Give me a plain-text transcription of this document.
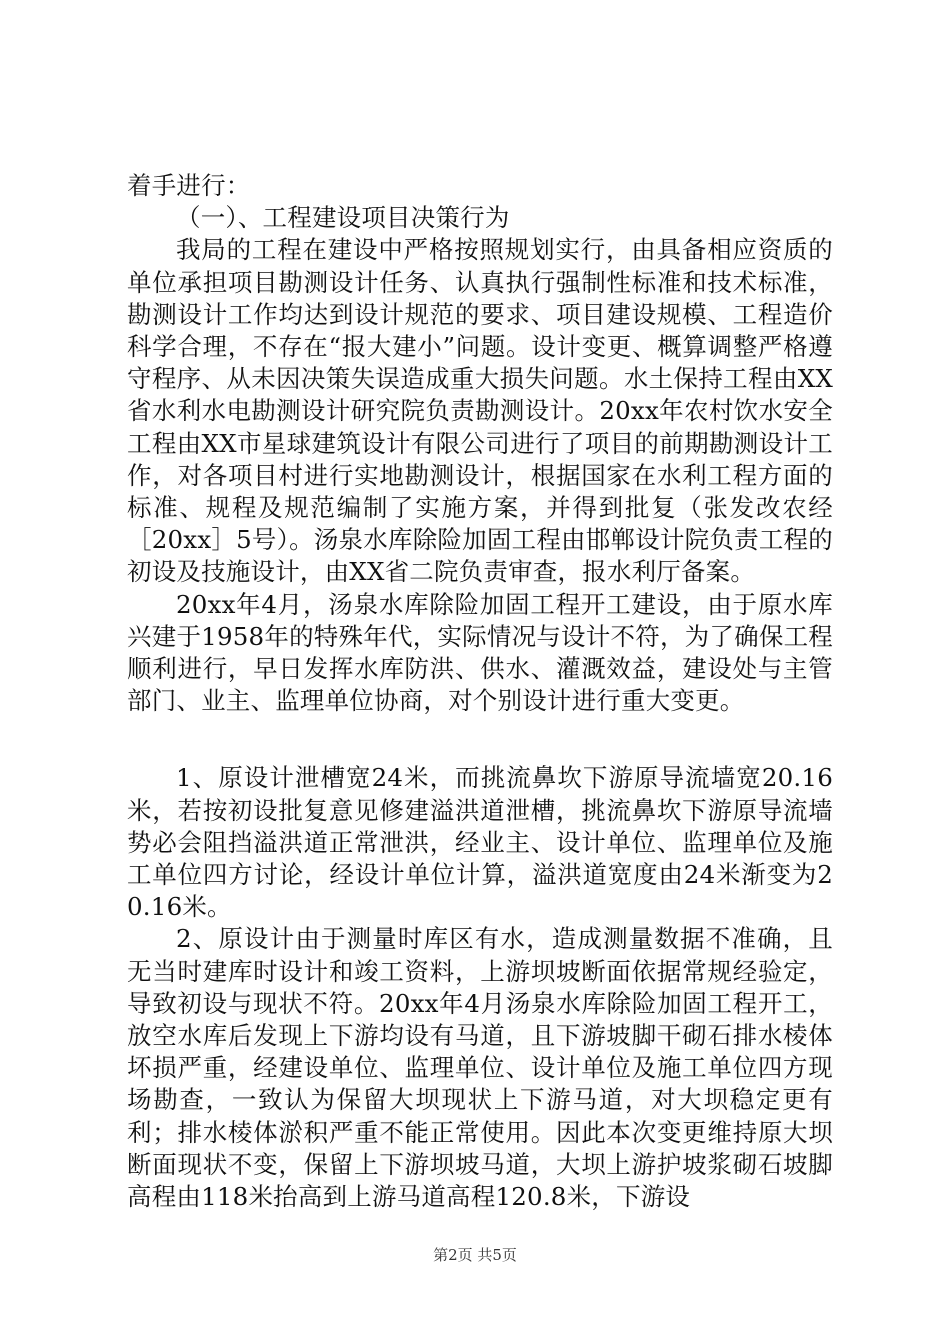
着手进行：

（一）、工程建设项目决策行为

我局的工程在建设中严格按照规划实行，由具备相应资质的单位承担项目勘测设计任务、认真执行强制性标准和技术标准，勘测设计工作均达到设计规范的要求、项目建设规模、工程造价科学合理，不存在“报大建小”问题。设计变更、概算调整严格遵守程序、从未因决策失误造成重大损失问题。水土保持工程由XX省水利水电勘测设计研究院负责勘测设计。20xx年农村饮水安全工程由XX市星球建筑设计有限公司进行了项目的前期勘测设计工作，对各项目村进行实地勘测设计，根据国家在水利工程方面的标准、规程及规范编制了实施方案，并得到批复（张发改农经［20xx］5号）。汤泉水库除险加固工程由邯郸设计院负责工程的初设及技施设计，由XX省二院负责审查，报水利厅备案。

20xx年4月，汤泉水库除险加固工程开工建设，由于原水库兴建于1958年的特殊年代，实际情况与设计不符，为了确保工程顺利进行，早日发挥水库防洪、供水、灌溉效益，建设处与主管部门、业主、监理单位协商，对个别设计进行重大变更。

1、原设计泄槽宽24米，而挑流鼻坎下游原导流墙宽20.16米，若按初设批复意见修建溢洪道泄槽，挑流鼻坎下游原导流墙势必会阻挡溢洪道正常泄洪，经业主、设计单位、监理单位及施工单位四方讨论，经设计单位计算，溢洪道宽度由24米渐变为20.16米。

2、原设计由于测量时库区有水，造成测量数据不准确，且无当时建库时设计和竣工资料，上游坝坡断面依据常规经验定，导致初设与现状不符。20xx年4月汤泉水库除险加固工程开工，放空水库后发现上下游均设有马道，且下游坡脚干砌石排水棱体坏损严重，经建设单位、监理单位、设计单位及施工单位四方现场勘查，一致认为保留大坝现状上下游马道，对大坝稳定更有利；排水棱体淤积严重不能正常使用。因此本次变更维持原大坝断面现状不变，保留上下游坝坡马道，大坝上游护坡浆砌石坡脚高程由118米抬高到上游马道高程120.8米，下游设

第2页 共5页
